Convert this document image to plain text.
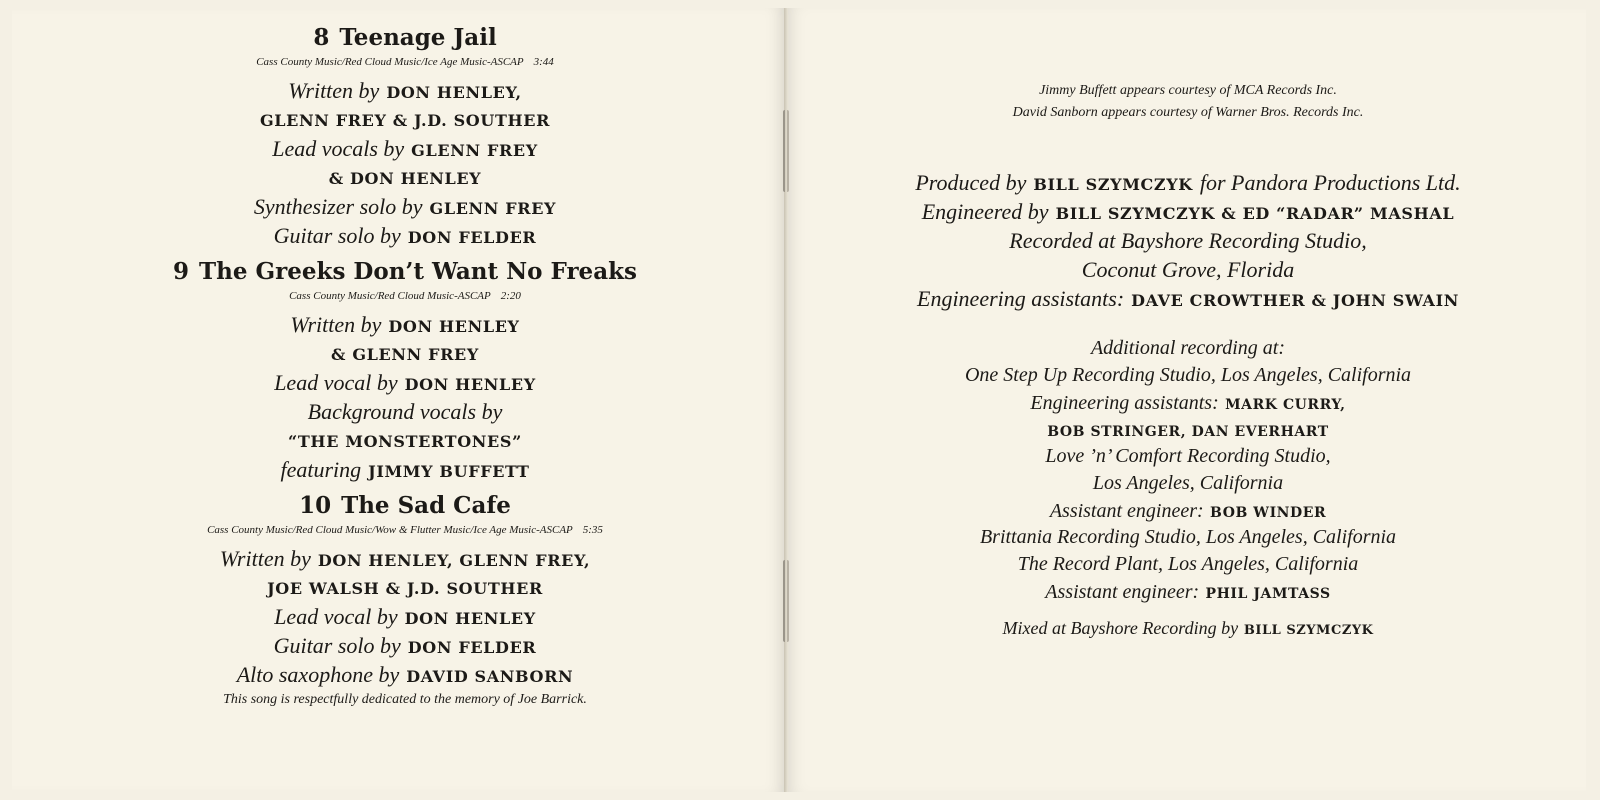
8 Teenage Jail
Cass County Music/Red Cloud Music/Ice Age Music-ASCAP 3:44
Written by DON HENLEY,
GLENN FREY & J.D. SOUTHER
Lead vocals by GLENN FREY
& DON HENLEY
Synthesizer solo by GLENN FREY
Guitar solo by DON FELDER
9 The Greeks Don’t Want No Freaks
Cass County Music/Red Cloud Music-ASCAP 2:20
Written by DON HENLEY
& GLENN FREY
Lead vocal by DON HENLEY
Background vocals by
“THE MONSTERTONES”
featuring JIMMY BUFFETT
10 The Sad Cafe
Cass County Music/Red Cloud Music/Wow & Flutter Music/Ice Age Music-ASCAP 5:35
Written by DON HENLEY, GLENN FREY,
JOE WALSH & J.D. SOUTHER
Lead vocal by DON HENLEY
Guitar solo by DON FELDER
Alto saxophone by DAVID SANBORN
This song is respectfully dedicated to the memory of Joe Barrick.
Jimmy Buffett appears courtesy of MCA Records Inc.
David Sanborn appears courtesy of Warner Bros. Records Inc.
Produced by BILL SZYMCZYK for Pandora Productions Ltd.
Engineered by BILL SZYMCZYK & ED “RADAR” MASHAL
Recorded at Bayshore Recording Studio,
Coconut Grove, Florida
Engineering assistants: DAVE CROWTHER & JOHN SWAIN
Additional recording at:
One Step Up Recording Studio, Los Angeles, California
Engineering assistants: MARK CURRY,
BOB STRINGER, DAN EVERHART
Love ’n’ Comfort Recording Studio,
Los Angeles, California
Assistant engineer: BOB WINDER
Brittania Recording Studio, Los Angeles, California
The Record Plant, Los Angeles, California
Assistant engineer: PHIL JAMTASS
Mixed at Bayshore Recording by BILL SZYMCZYK
